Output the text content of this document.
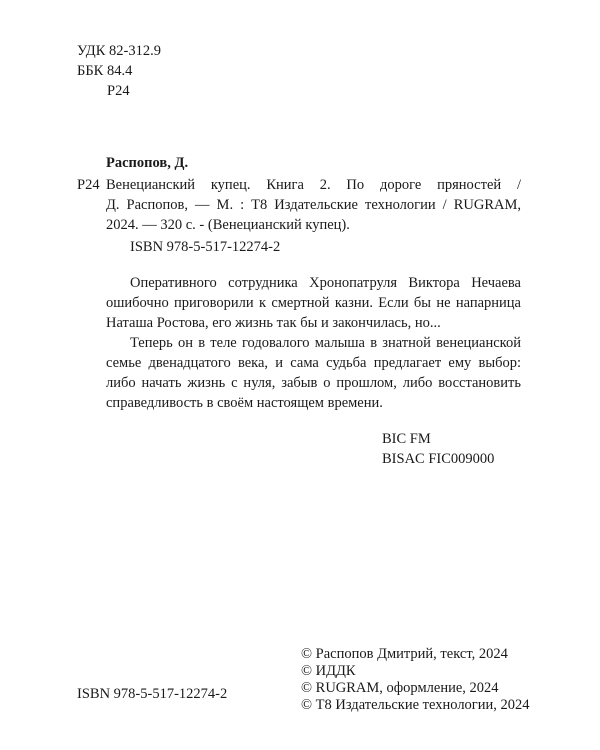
УДК 82-312.9
ББК 84.4
Р24
Распопов, Д.
Р24 Венецианский купец. Книга 2. По дороге пряностей /
Д. Распопов, — М. : Т8 Издательские технологии / RUGRAM,
2024. — 320 с. - (Венецианский купец).
ISBN 978-5-517-12274-2
Оперативного сотрудника Хронопатруля Виктора Нечаева
ошибочно приговорили к смертной казни. Если бы не напарница
Наташа Ростова, его жизнь так бы и закончилась, но...
Теперь он в теле годовалого малыша в знатной венецианской
семье двенадцатого века, и сама судьба предлагает ему выбор:
либо начать жизнь с нуля, забыв о прошлом, либо восстановить
справедливость в своём настоящем времени.
BIC FM
BISAC FIC009000
ISBN 978-5-517-12274-2
© Распопов Дмитрий, текст, 2024
© ИДДК
© RUGRAM, оформление, 2024
© Т8 Издательские технологии, 2024
